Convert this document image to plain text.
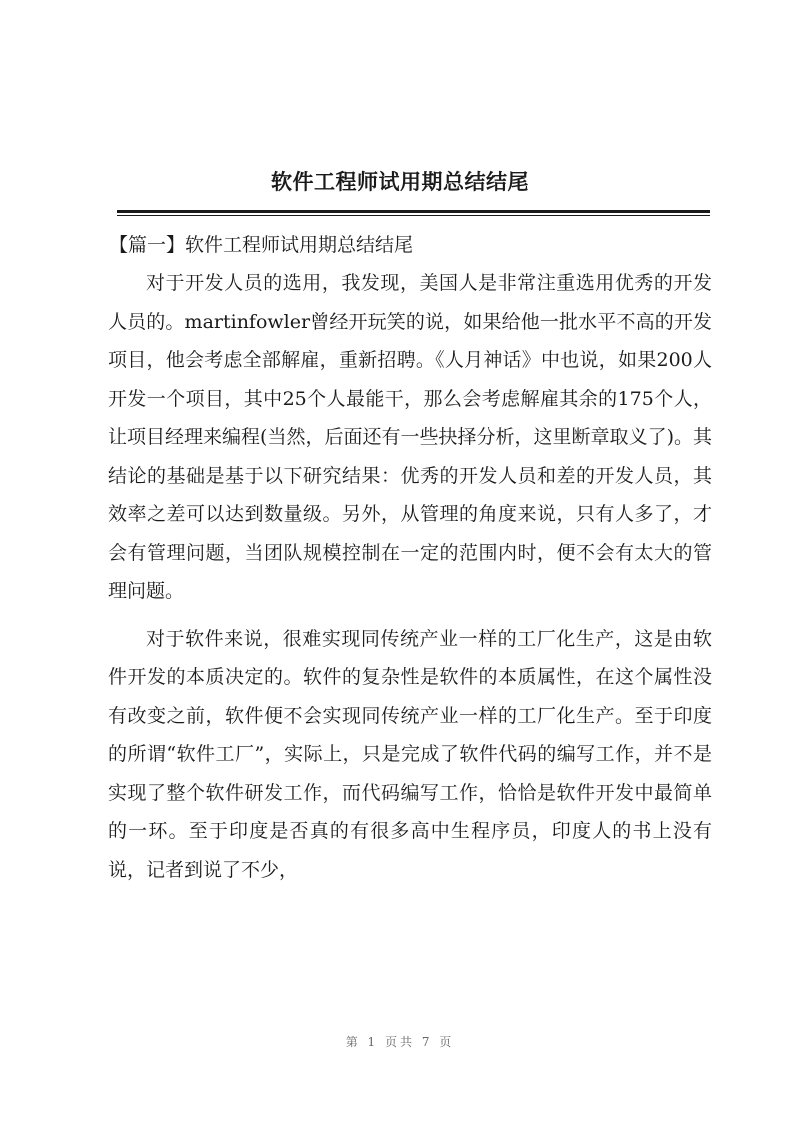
软件工程师试用期总结结尾
【篇一】软件工程师试用期总结结尾

对于开发人员的选用，我发现，美国人是非常注重选用优秀的开发人员的。martinfowler曾经开玩笑的说，如果给他一批水平不高的开发项目，他会考虑全部解雇，重新招聘。《人月神话》中也说，如果200人开发一个项目，其中25个人最能干，那么会考虑解雇其余的175个人，让项目经理来编程(当然，后面还有一些抉择分析，这里断章取义了)。其结论的基础是基于以下研究结果：优秀的开发人员和差的开发人员，其效率之差可以达到数量级。另外，从管理的角度来说，只有人多了，才会有管理问题，当团队规模控制在一定的范围内时，便不会有太大的管理问题。

对于软件来说，很难实现同传统产业一样的工厂化生产，这是由软件开发的本质决定的。软件的复杂性是软件的本质属性，在这个属性没有改变之前，软件便不会实现同传统产业一样的工厂化生产。至于印度的所谓“软件工厂”，实际上，只是完成了软件代码的编写工作，并不是实现了整个软件研发工作，而代码编写工作，恰恰是软件开发中最简单的一环。至于印度是否真的有很多高中生程序员，印度人的书上没有说，记者到说了不少，

第 1 页共 7 页
